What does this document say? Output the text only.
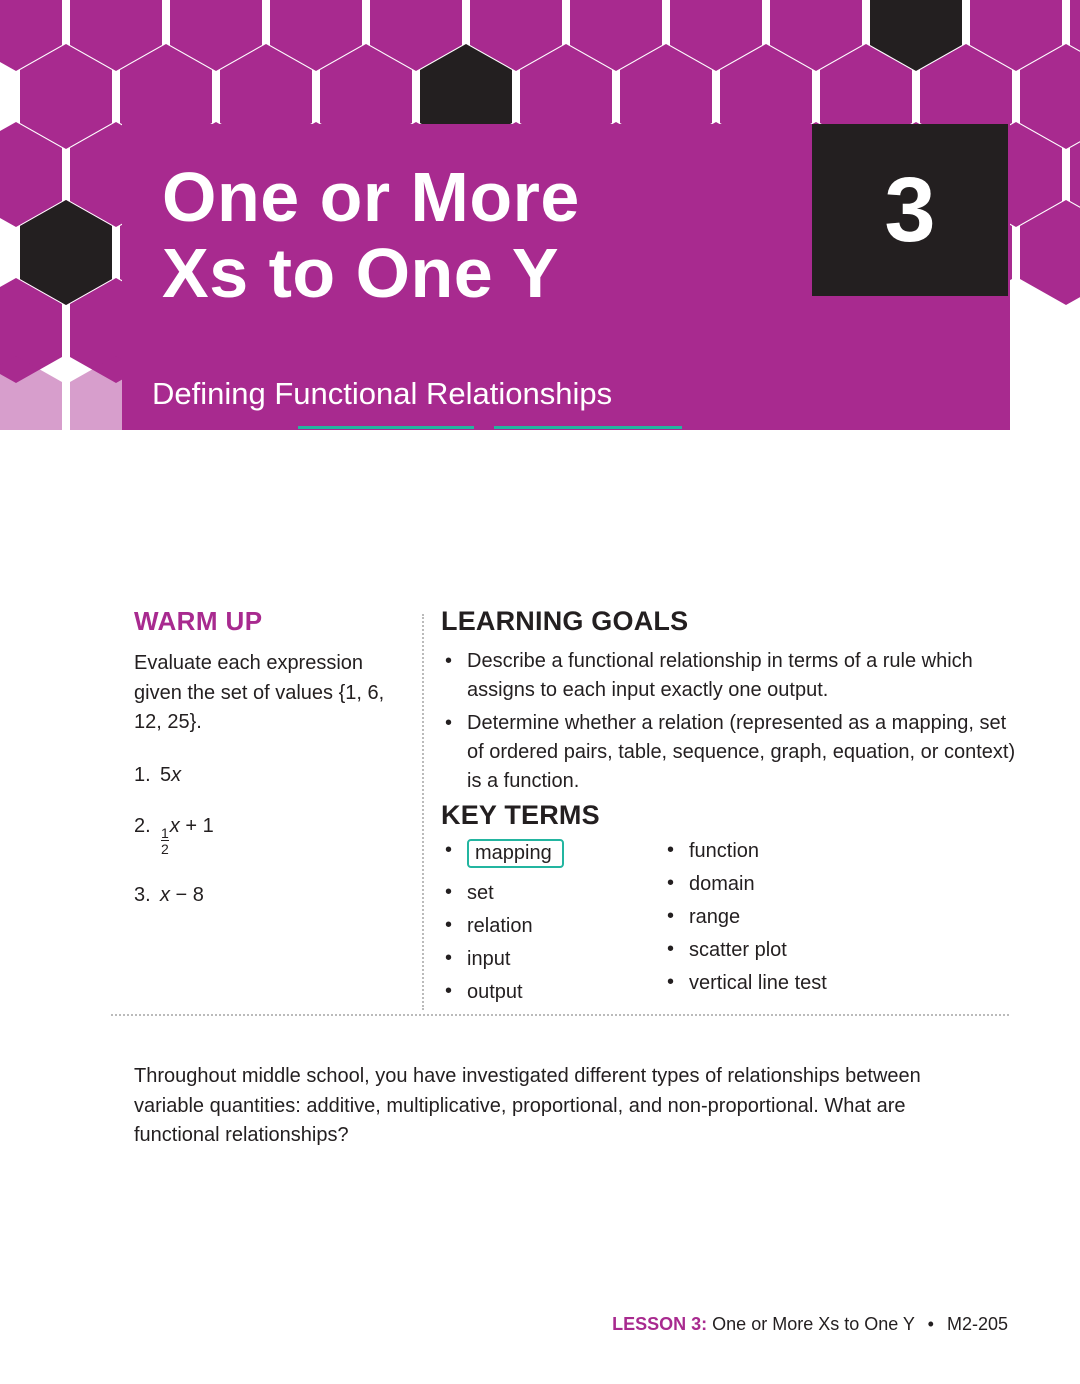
One or More
Xs to One Y
Defining Functional Relationships
3
WARM UP

Evaluate each expression given the set of values {1, 6, 12, 25}.

1. 5x
2.
$\frac{1}{2}$
x + 1
3. x − 8
LEARNING GOALS
• Describe a functional relationship in terms of a rule which assigns to each input exactly one output.
• Determine whether a relation (represented as a mapping, set of ordered pairs, table, sequence, graph, equation, or context) is a function.
KEY TERMS
• mapping
• set
• relation
• input
• output
• function
• domain
• range
• scatter plot
• vertical line test

Throughout middle school, you have investigated different types of relationships between variable quantities: additive, multiplicative, proportional, and non-proportional. What are functional relationships?

LESSON 3: One or More Xs to One Y • M2-205
